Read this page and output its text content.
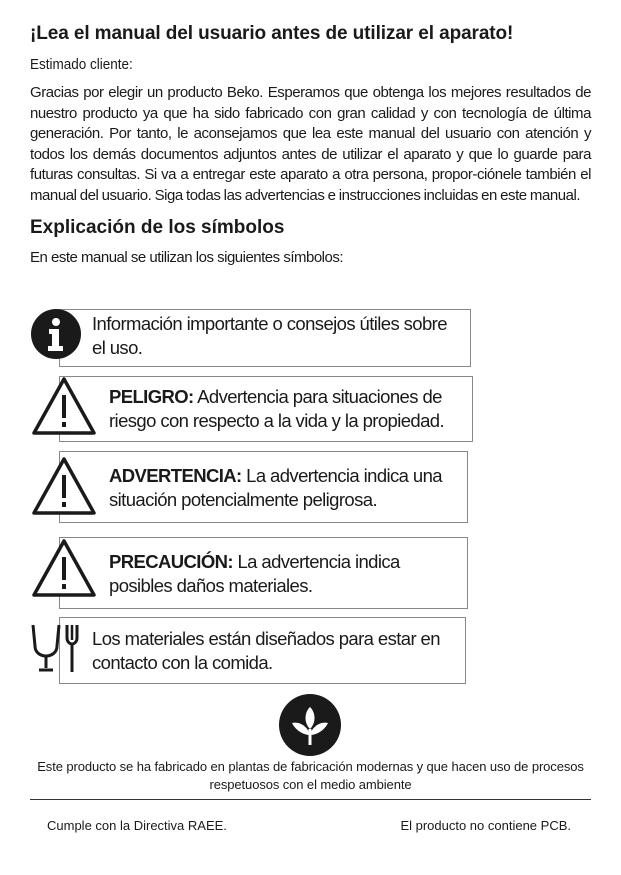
¡Lea el manual del usuario antes de utilizar el aparato!

Estimado cliente:

Gracias por elegir un producto Beko. Esperamos que obtenga los mejores resultados de nuestro producto ya que ha sido fabricado con gran calidad y con tecnología de última generación. Por tanto, le aconsejamos que lea este manual del usuario con atención y todos los demás documentos adjuntos antes de utilizar el aparato y que lo guarde para futuras consultas. Si va a entregar este aparato a otra persona, propor-ciónele también el manual del usuario. Siga todas las advertencias e instrucciones incluidas en este manual.

Explicación de los símbolos

En este manual se utilizan los siguientes símbolos:

Información importante o consejos útiles sobre el uso.
PELIGRO: Advertencia para situaciones de riesgo con respecto a la vida y la propiedad.
ADVERTENCIA: La advertencia indica una situación potencialmente peligrosa.
PRECAUCIÓN: La advertencia indica posibles daños materiales.
Los materiales están diseñados para estar en contacto con la comida.
Este producto se ha fabricado en plantas de fabricación modernas y que hacen uso de procesos respetuosos con el medio ambiente
Cumple con la Directiva RAEE.	El producto no contiene PCB.
